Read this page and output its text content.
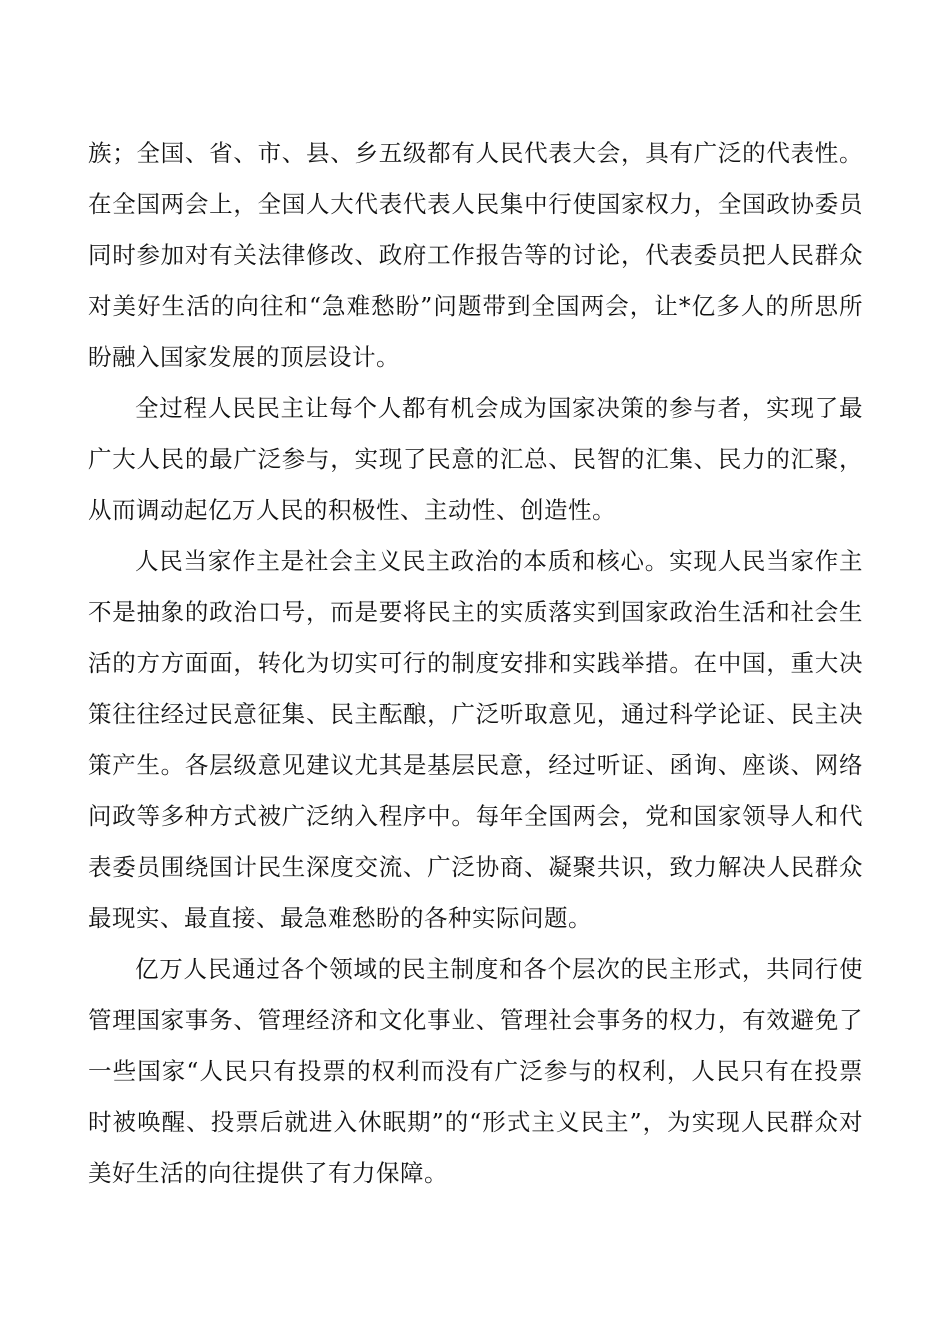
族；全国、省、市、县、乡五级都有人民代表大会，具有广泛的代表性。在全国两会上，全国人大代表代表人民集中行使国家权力，全国政协委员同时参加对有关法律修改、政府工作报告等的讨论，代表委员把人民群众对美好生活的向往和“急难愁盼”问题带到全国两会，让*亿多人的所思所盼融入国家发展的顶层设计。

全过程人民民主让每个人都有机会成为国家决策的参与者，实现了最广大人民的最广泛参与，实现了民意的汇总、民智的汇集、民力的汇聚，从而调动起亿万人民的积极性、主动性、创造性。

人民当家作主是社会主义民主政治的本质和核心。实现人民当家作主不是抽象的政治口号，而是要将民主的实质落实到国家政治生活和社会生活的方方面面，转化为切实可行的制度安排和实践举措。在中国，重大决策往往经过民意征集、民主酝酿，广泛听取意见，通过科学论证、民主决策产生。各层级意见建议尤其是基层民意，经过听证、函询、座谈、网络问政等多种方式被广泛纳入程序中。每年全国两会，党和国家领导人和代表委员围绕国计民生深度交流、广泛协商、凝聚共识，致力解决人民群众最现实、最直接、最急难愁盼的各种实际问题。

亿万人民通过各个领域的民主制度和各个层次的民主形式，共同行使管理国家事务、管理经济和文化事业、管理社会事务的权力，有效避免了一些国家“人民只有投票的权利而没有广泛参与的权利，人民只有在投票时被唤醒、投票后就进入休眠期”的“形式主义民主”，为实现人民群众对美好生活的向往提供了有力保障。
